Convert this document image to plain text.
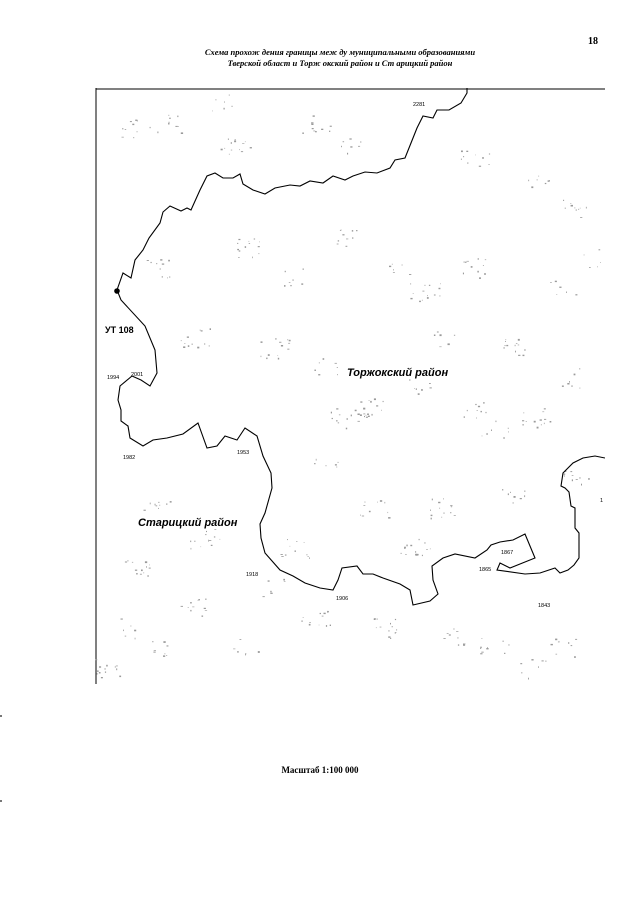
18
Схема прохож дения границы меж ду муниципальными образованиями
Тверской област и Торж окский район и Ст арицкий район
УТ 108
Торжокский район
Старицкий район
2281
1994 2001
1982
1953
1918
1906
1867
1865
1843
1
Масштаб 1:100 000
